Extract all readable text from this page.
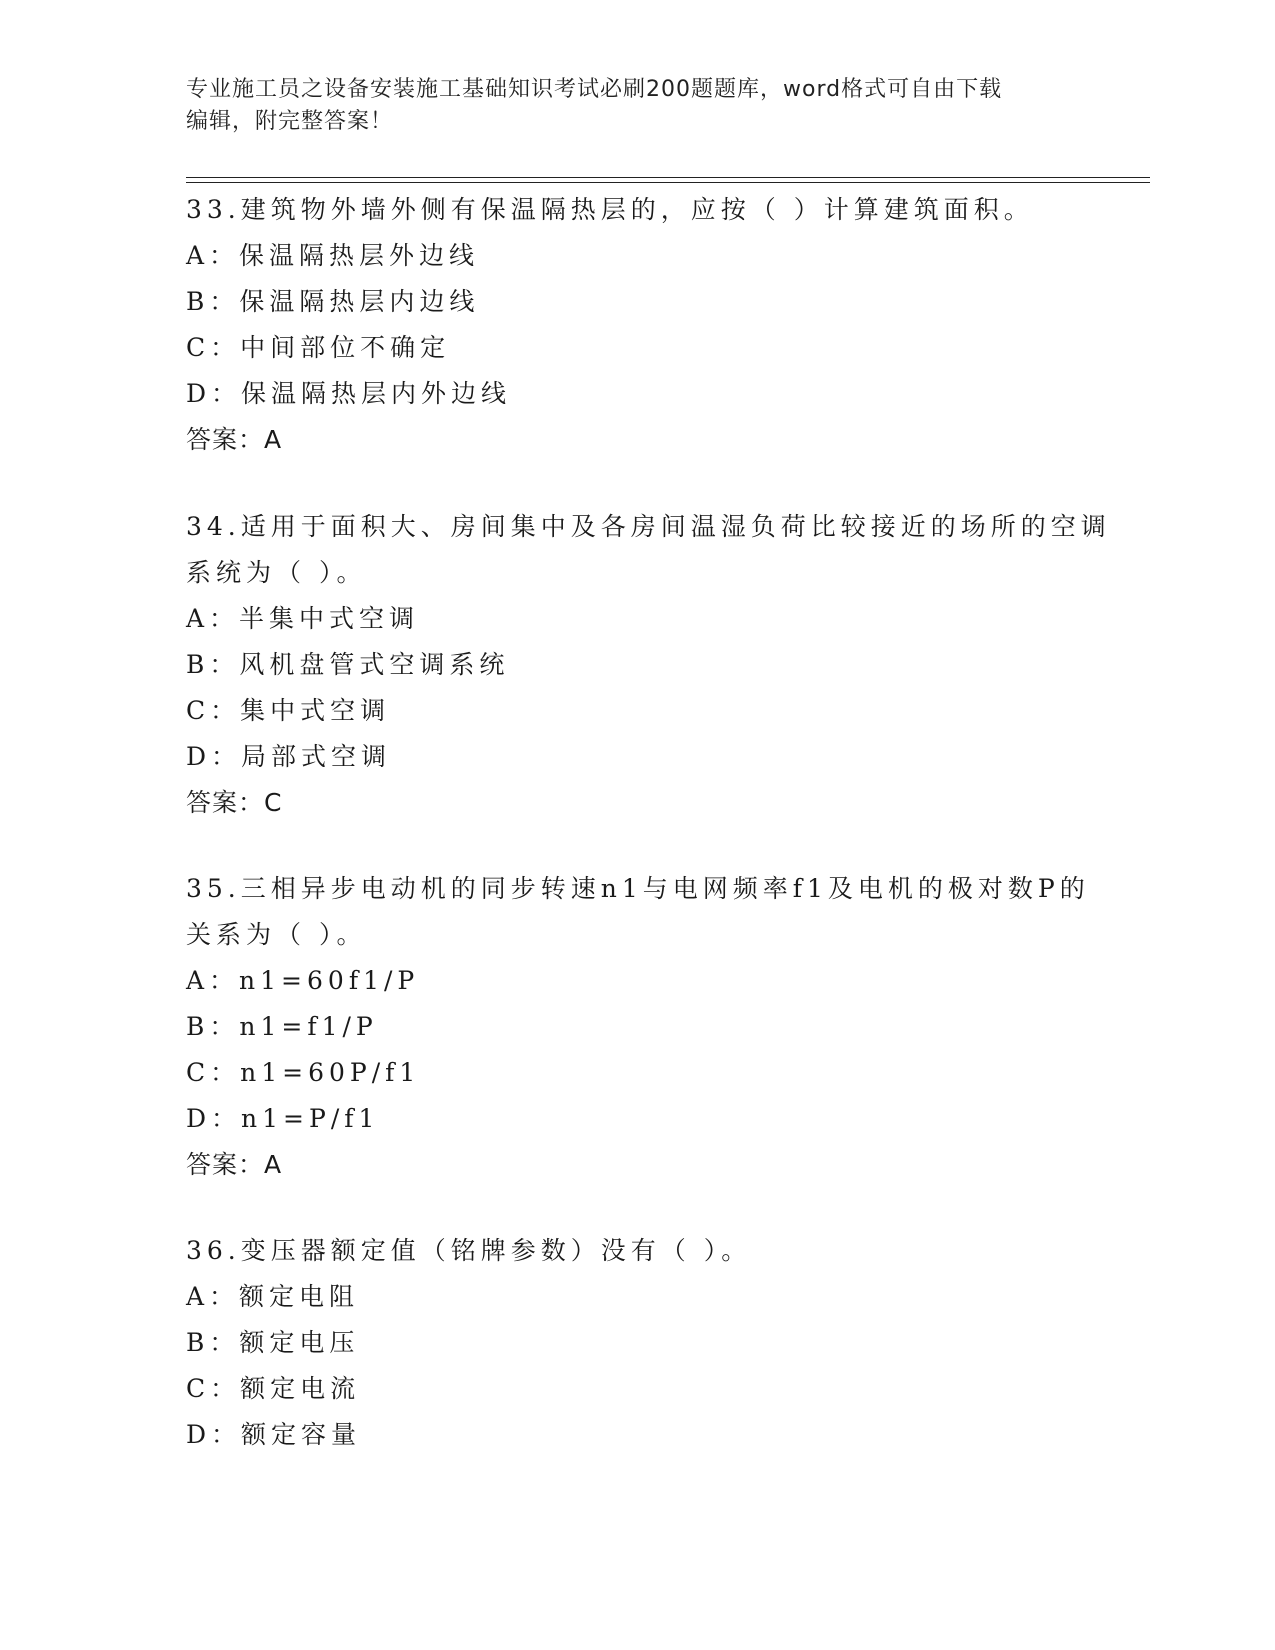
专业施工员之设备安装施工基础知识考试必刷200题题库，word格式可自由下载
编辑，附完整答案！
33.建筑物外墙外侧有保温隔热层的，应按（ ）计算建筑面积。
A：保温隔热层外边线
B：保温隔热层内边线
C：中间部位不确定
D：保温隔热层内外边线
答案：A
34.适用于面积大、房间集中及各房间温湿负荷比较接近的场所的空调
系统为（ ）。
A：半集中式空调
B：风机盘管式空调系统
C：集中式空调
D：局部式空调
答案：C
35.三相异步电动机的同步转速n1与电网频率f1及电机的极对数P的
关系为（ ）。
A：n1=60f1/P
B：n1=f1/P
C：n1=60P/f1
D：n1=P/f1
答案：A
36.变压器额定值（铭牌参数）没有（ ）。
A：额定电阻
B：额定电压
C：额定电流
D：额定容量
